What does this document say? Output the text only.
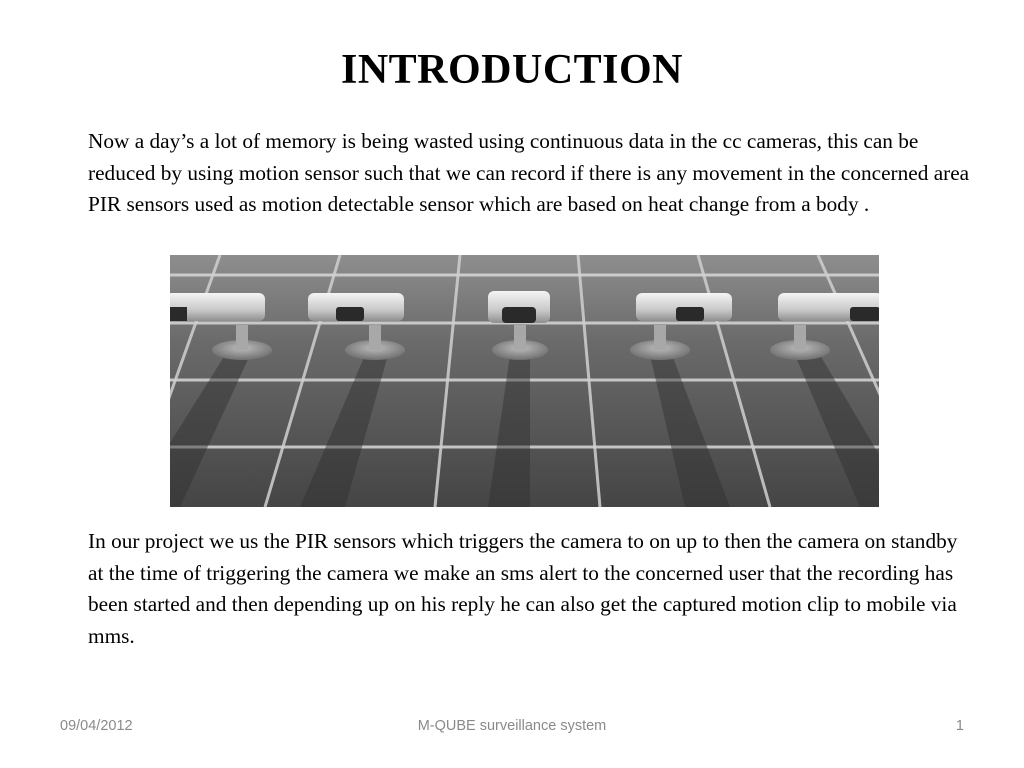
INTRODUCTION

Now a day’s a lot of memory is being wasted using continuous data in the cc cameras, this can be reduced by using motion sensor such that we can record if there is any movement in the concerned area PIR sensors used as motion detectable sensor which are based on heat change from a body .

In our project we us the PIR sensors which triggers the camera to on up to then the camera on standby at the time of triggering the camera we make an sms alert to the concerned user that the recording has been started and then depending up on his reply he can also get the captured motion clip to mobile via mms.

09/04/2012	M-QUBE surveillance system	1
